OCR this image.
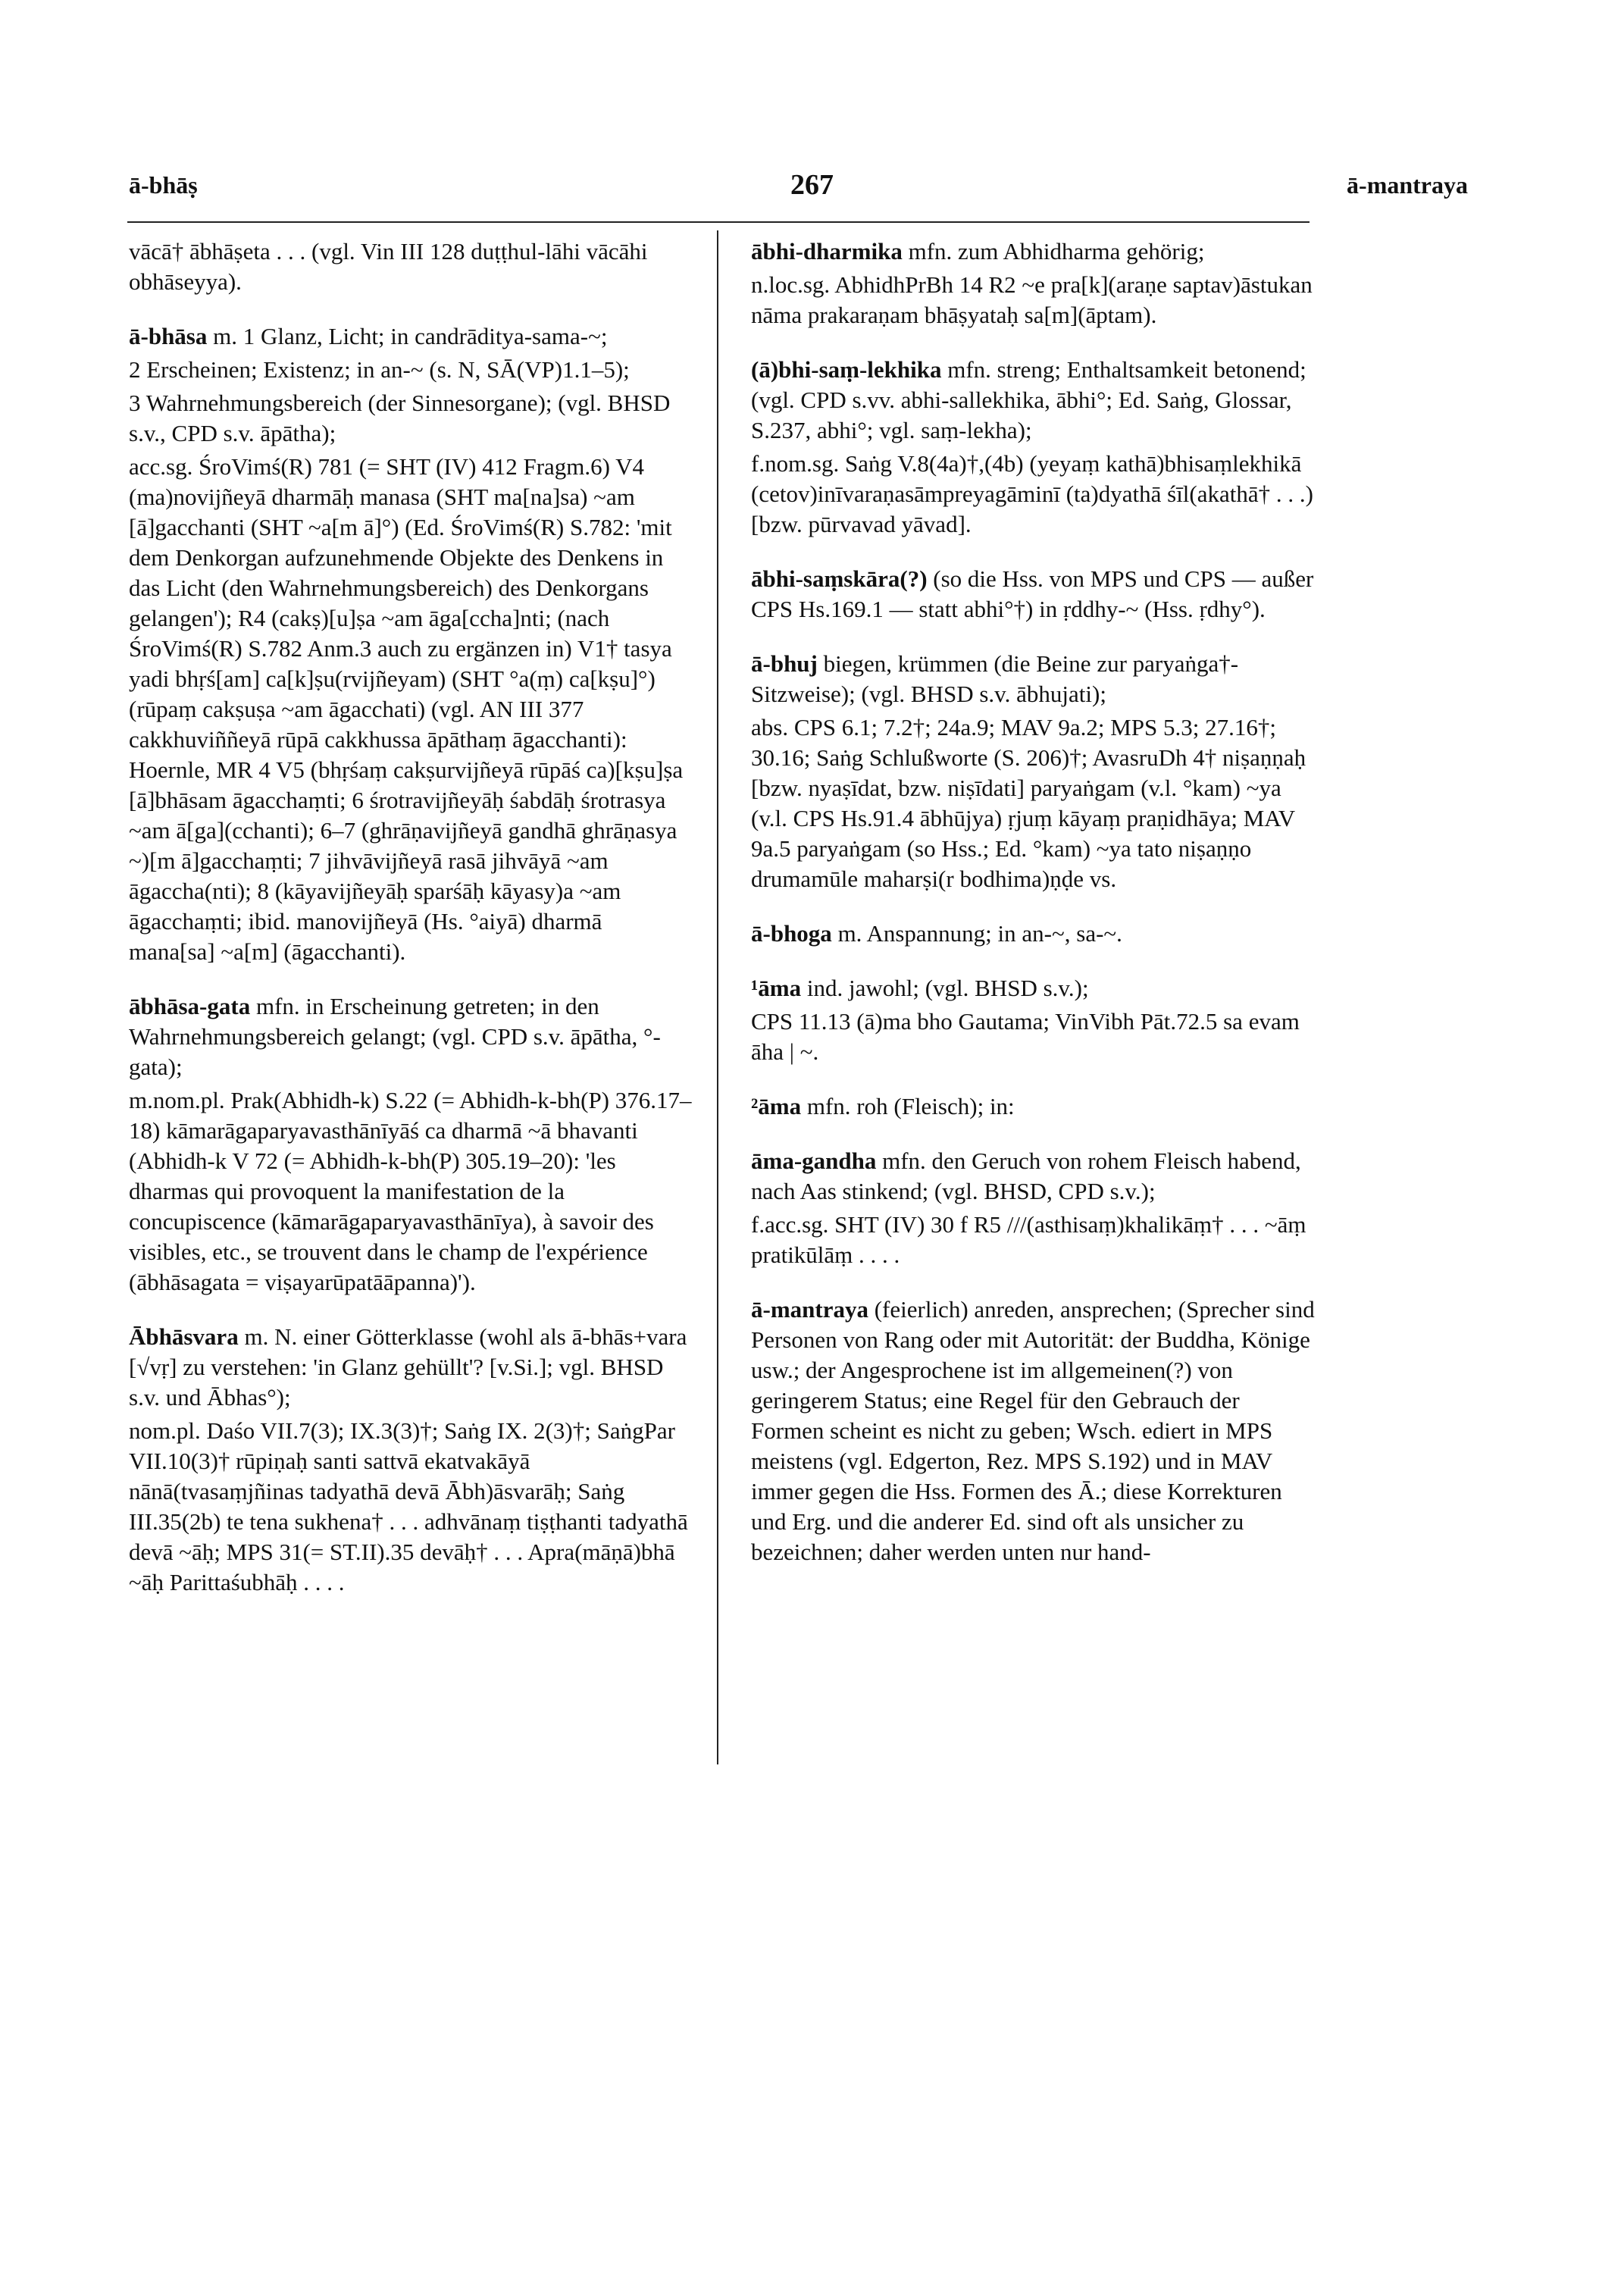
ā-bhāṣ	267	ā-mantraya

vācā† ābhāṣeta . . . (vgl. Vin III 128 duṭṭhul-lāhi vācāhi obhāseyya).

ā-bhāsa m. 1 Glanz, Licht; in candrāditya-sama-~;

2 Erscheinen; Existenz; in an-~ (s. N, SĀ(VP)1.1–5);

3 Wahrnehmungsbereich (der Sinnesorgane); (vgl. BHSD s.v., CPD s.v. āpātha);

acc.sg. ŚroVimś(R) 781 (= SHT (IV) 412 Fragm.6) V4 (ma)novijñeyā dharmāḥ manasa (SHT ma[na]sa) ~am [ā]gacchanti (SHT ~a[m ā]°) (Ed. ŚroVimś(R) S.782: 'mit dem Denkorgan aufzunehmende Objekte des Denkens in das Licht (den Wahrnehmungsbereich) des Denkorgans gelangen'); R4 (cakṣ)[u]ṣa ~am āga[ccha]nti; (nach ŚroVimś(R) S.782 Anm.3 auch zu ergänzen in) V1† tasya yadi bhṛś[am] ca[k]ṣu(rvijñeyam) (SHT °a(ṃ) ca[kṣu]°) (rūpaṃ cakṣuṣa ~am āgacchati) (vgl. AN III 377 cakkhuviññeyā rūpā cakkhussa āpāthaṃ āgacchanti): Hoernle, MR 4 V5 (bhṛśaṃ cakṣurvijñeyā rūpāś ca)[kṣu]ṣa [ā]bhāsam āgacchaṃti; 6 śrotravijñeyāḥ śabdāḥ śrotrasya ~am ā[ga](cchanti); 6–7 (ghrāṇavijñeyā gandhā ghrāṇasya ~)[m ā]gacchaṃti; 7 jihvāvijñeyā rasā jihvāyā ~am āgaccha(nti); 8 (kāyavijñeyāḥ sparśāḥ kāyasy)a ~am āgacchaṃti; ibid. manovijñeyā (Hs. °aiyā) dharmā mana[sa] ~a[m] (āgacchanti).

ābhāsa-gata mfn. in Erscheinung getreten; in den Wahrnehmungsbereich gelangt; (vgl. CPD s.v. āpātha, °-gata);

m.nom.pl. Prak(Abhidh-k) S.22 (= Abhidh-k-bh(P) 376.17–18) kāmarāgaparyavasthānīyāś ca dharmā ~ā bhavanti (Abhidh-k V 72 (= Abhidh-k-bh(P) 305.19–20): 'les dharmas qui provoquent la manifestation de la concupiscence (kāmarāgaparyavasthānīya), à savoir des visibles, etc., se trouvent dans le champ de l'expérience (ābhāsagata = viṣayarūpatāāpanna)').

Ābhāsvara m. N. einer Götterklasse (wohl als ā-bhās+vara [√vṛ] zu verstehen: 'in Glanz gehüllt'? [v.Si.]; vgl. BHSD s.v. und Ābhas°);

nom.pl. Daśo VII.7(3); IX.3(3)†; Saṅg IX. 2(3)†; SaṅgPar VII.10(3)† rūpiṇaḥ santi sattvā ekatvakāyā nānā(tvasaṃjñinas tadyathā devā Ābh)āsvarāḥ; Saṅg III.35(2b) te tena sukhena† . . . adhvānaṃ tiṣṭhanti tadyathā devā ~āḥ; MPS 31(= ST.II).35 devāḥ† . . . Apra(māṇā)bhā ~āḥ Parittaśubhāḥ . . . .

ābhi-dharmika mfn. zum Abhidharma gehörig;

n.loc.sg. AbhidhPrBh 14 R2 ~e pra[k](araṇe saptav)āstukan nāma prakaraṇam bhāṣyataḥ sa[m](āptam).

(ā)bhi-saṃ-lekhika mfn. streng; Enthaltsamkeit betonend; (vgl. CPD s.vv. abhi-sallekhika, ābhi°; Ed. Saṅg, Glossar, S.237, abhi°; vgl. saṃ-lekha);

f.nom.sg. Saṅg V.8(4a)†,(4b) (yeyaṃ kathā)bhisaṃlekhikā (cetov)inīvaraṇasāmpreyagāminī (ta)dyathā śīl(akathā† . . .) [bzw. pūrvavad yāvad].

ābhi-saṃskāra(?) (so die Hss. von MPS und CPS — außer CPS Hs.169.1 — statt abhi°†) in ṛddhy-~ (Hss. ṛdhy°).

ā-bhuj biegen, krümmen (die Beine zur paryaṅga†-Sitzweise); (vgl. BHSD s.v. ābhujati);

abs. CPS 6.1; 7.2†; 24a.9; MAV 9a.2; MPS 5.3; 27.16†; 30.16; Saṅg Schlußworte (S. 206)†; AvasruDh 4† niṣaṇṇaḥ [bzw. nyaṣīdat, bzw. niṣīdati] paryaṅgam (v.l. °kam) ~ya (v.l. CPS Hs.91.4 ābhūjya) ṛjuṃ kāyaṃ praṇidhāya; MAV 9a.5 paryaṅgam (so Hss.; Ed. °kam) ~ya tato niṣaṇṇo drumamūle maharṣi(r bodhima)ṇḍe vs.

ā-bhoga m. Anspannung; in an-~, sa-~.

¹āma ind. jawohl; (vgl. BHSD s.v.);

CPS 11.13 (ā)ma bho Gautama; VinVibh Pāt.72.5 sa evam āha | ~.

²āma mfn. roh (Fleisch); in:

āma-gandha mfn. den Geruch von rohem Fleisch habend, nach Aas stinkend; (vgl. BHSD, CPD s.v.);

f.acc.sg. SHT (IV) 30 f R5 ///(asthisaṃ)khalikāṃ† . . . ~āṃ pratikūlāṃ . . . .

ā-mantraya (feierlich) anreden, ansprechen; (Sprecher sind Personen von Rang oder mit Autorität: der Buddha, Könige usw.; der Angesprochene ist im allgemeinen(?) von geringerem Status; eine Regel für den Gebrauch der Formen scheint es nicht zu geben; Wsch. ediert in MPS meistens (vgl. Edgerton, Rez. MPS S.192) und in MAV immer gegen die Hss. Formen des Ā.; diese Korrekturen und Erg. und die anderer Ed. sind oft als unsicher zu bezeichnen; daher werden unten nur hand-
